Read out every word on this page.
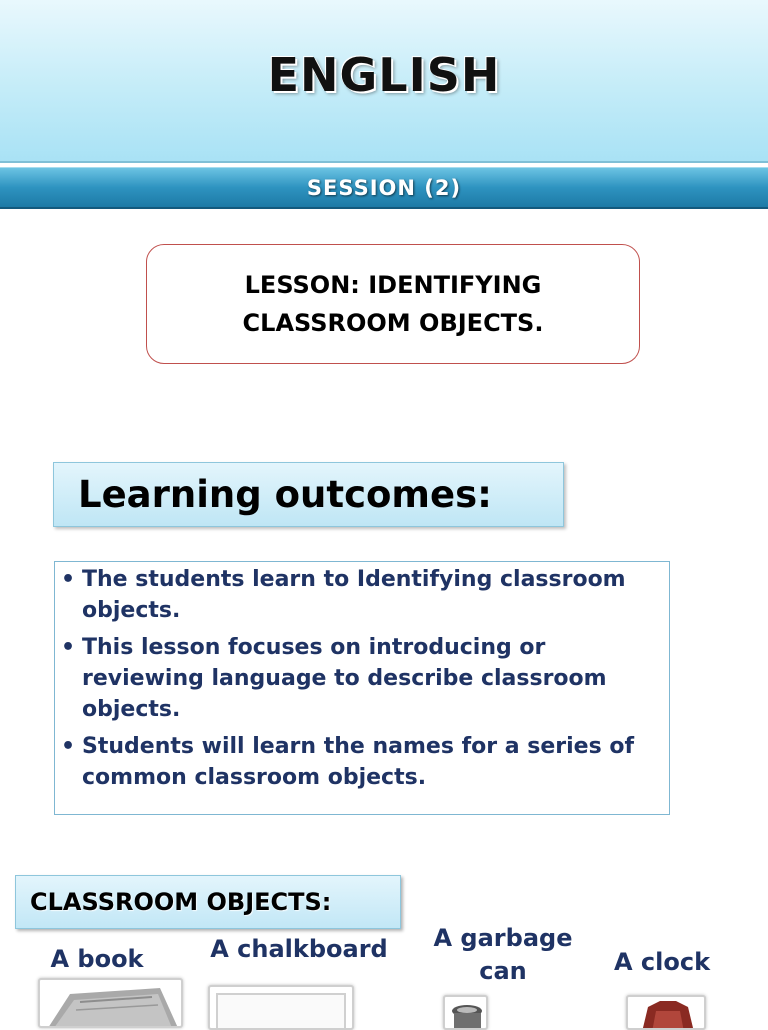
ENGLISH
SESSION (2)
LESSON: IDENTIFYING
CLASSROOM OBJECTS.
Learning outcomes:
• The students learn to Identifying classroom objects.
• This lesson focuses on introducing or reviewing language to describe classroom objects.
• Students will learn the names for a series of common classroom objects.
CLASSROOM OBJECTS:
A book	A chalkboard	A garbage
can	A clock
